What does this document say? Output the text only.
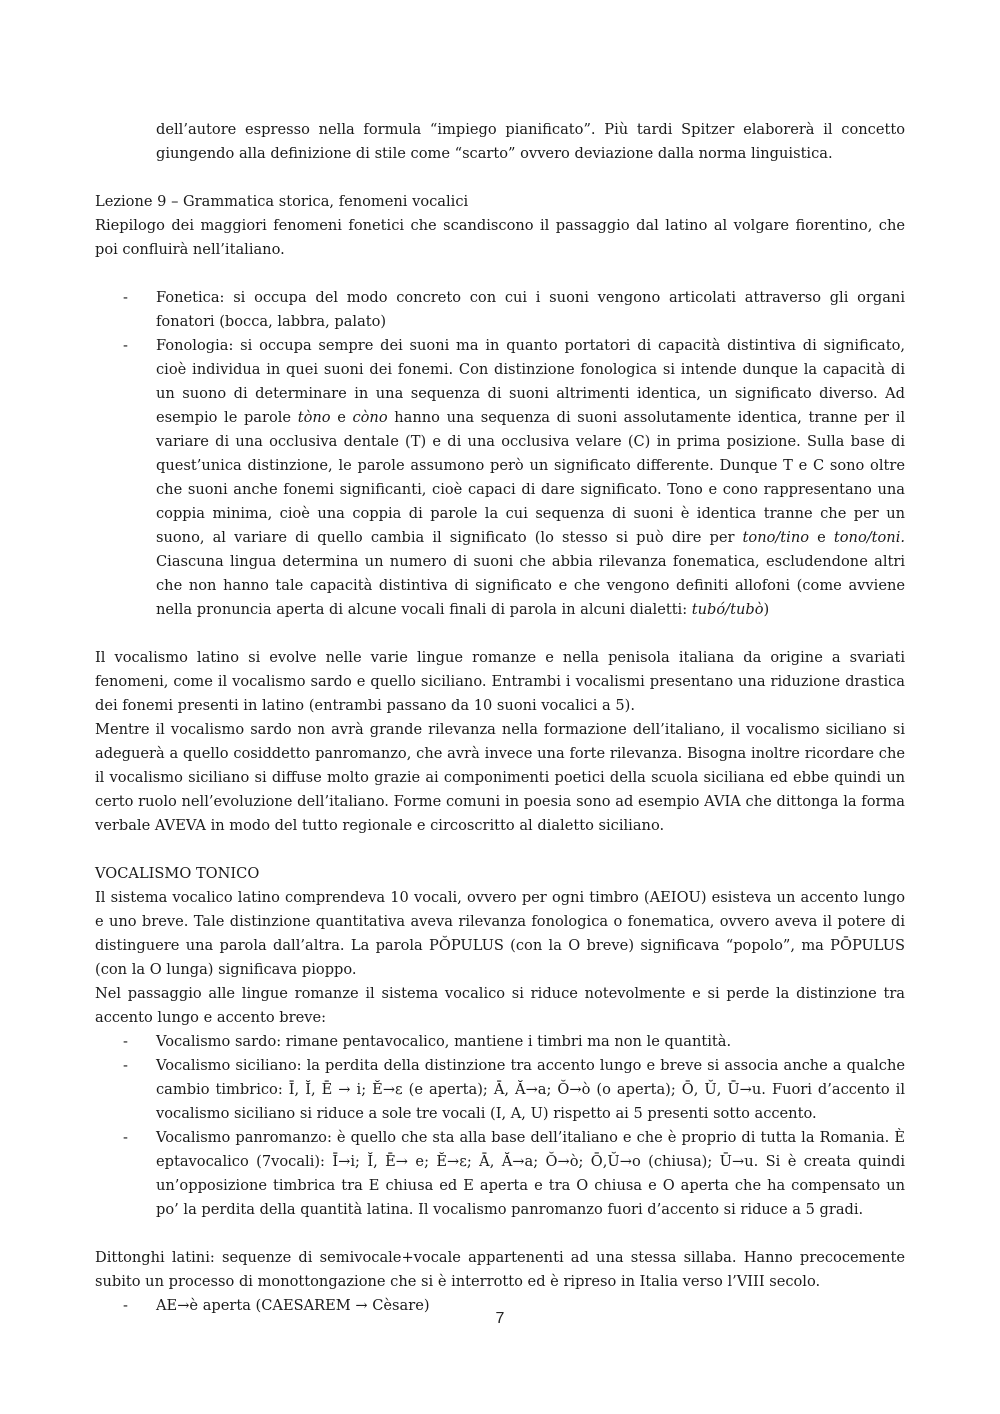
dell’autore espresso nella formula “impiego pianificato”. Più tardi Spitzer elaborerà il concetto giungendo alla definizione di stile come “scarto” ovvero deviazione dalla norma linguistica.

Lezione 9 – Grammatica storica, fenomeni vocalici

Riepilogo dei maggiori fenomeni fonetici che scandiscono il passaggio dal latino al volgare fiorentino, che poi confluirà nell’italiano.

- Fonetica: si occupa del modo concreto con cui i suoni vengono articolati attraverso gli organi fonatori (bocca, labbra, palato)

- Fonologia: si occupa sempre dei suoni ma in quanto portatori di capacità distintiva di significato, cioè individua in quei suoni dei fonemi. Con distinzione fonologica si intende dunque la capacità di un suono di determinare in una sequenza di suoni altrimenti identica, un significato diverso. Ad esempio le parole tòno e còno hanno una sequenza di suoni assolutamente identica, tranne per il variare di una occlusiva dentale (T) e di una occlusiva velare (C) in prima posizione. Sulla base di quest’unica distinzione, le parole assumono però un significato differente. Dunque T e C sono oltre che suoni anche fonemi significanti, cioè capaci di dare significato. Tono e cono rappresentano una coppia minima, cioè una coppia di parole la cui sequenza di suoni è identica tranne che per un suono, al variare di quello cambia il significato (lo stesso si può dire per tono/tino e tono/toni. Ciascuna lingua determina un numero di suoni che abbia rilevanza fonematica, escludendone altri che non hanno tale capacità distintiva di significato e che vengono definiti allofoni (come avviene nella pronuncia aperta di alcune vocali finali di parola in alcuni dialetti: tubó/tubò)

Il vocalismo latino si evolve nelle varie lingue romanze e nella penisola italiana da origine a svariati fenomeni, come il vocalismo sardo e quello siciliano. Entrambi i vocalismi presentano una riduzione drastica dei fonemi presenti in latino (entrambi passano da 10 suoni vocalici a 5).

Mentre il vocalismo sardo non avrà grande rilevanza nella formazione dell’italiano, il vocalismo siciliano si adeguerà a quello cosiddetto panromanzo, che avrà invece una forte rilevanza. Bisogna inoltre ricordare che il vocalismo siciliano si diffuse molto grazie ai componimenti poetici della scuola siciliana ed ebbe quindi un certo ruolo nell’evoluzione dell’italiano. Forme comuni in poesia sono ad esempio AVIA che dittonga la forma verbale AVEVA in modo del tutto regionale e circoscritto al dialetto siciliano.

VOCALISMO TONICO

Il sistema vocalico latino comprendeva 10 vocali, ovvero per ogni timbro (AEIOU) esisteva un accento lungo e uno breve. Tale distinzione quantitativa aveva rilevanza fonologica o fonematica, ovvero aveva il potere di distinguere una parola dall’altra. La parola PŎPULUS (con la O breve) significava “popolo”, ma PŌPULUS (con la O lunga) significava pioppo.

Nel passaggio alle lingue romanze il sistema vocalico si riduce notevolmente e si perde la distinzione tra accento lungo e accento breve:

- Vocalismo sardo: rimane pentavocalico, mantiene i timbri ma non le quantità.

- Vocalismo siciliano: la perdita della distinzione tra accento lungo e breve si associa anche a qualche cambio timbrico: Ī, Ĭ, Ē → i; Ĕ→ε (e aperta); Ā, Ă→a; Ŏ→ò (o aperta); Ō, Ŭ, Ū→u. Fuori d’accento il vocalismo siciliano si riduce a sole tre vocali (I, A, U) rispetto ai 5 presenti sotto accento.

- Vocalismo panromanzo: è quello che sta alla base dell’italiano e che è proprio di tutta la Romania. È eptavocalico (7vocali): Ī→i; Ĭ, Ē→ e; Ĕ→ε; Ā, Ă→a; Ŏ→ò; Ō,Ŭ→o (chiusa); Ū→u. Si è creata quindi un’opposizione timbrica tra E chiusa ed E aperta e tra O chiusa e O aperta che ha compensato un po’ la perdita della quantità latina. Il vocalismo panromanzo fuori d’accento si riduce a 5 gradi.

Dittonghi latini: sequenze di semivocale+vocale appartenenti ad una stessa sillaba. Hanno precocemente subito un processo di monottongazione che si è interrotto ed è ripreso in Italia verso l’VIII secolo.

- AE→è aperta (CAESAREM → Cèsare)

7
